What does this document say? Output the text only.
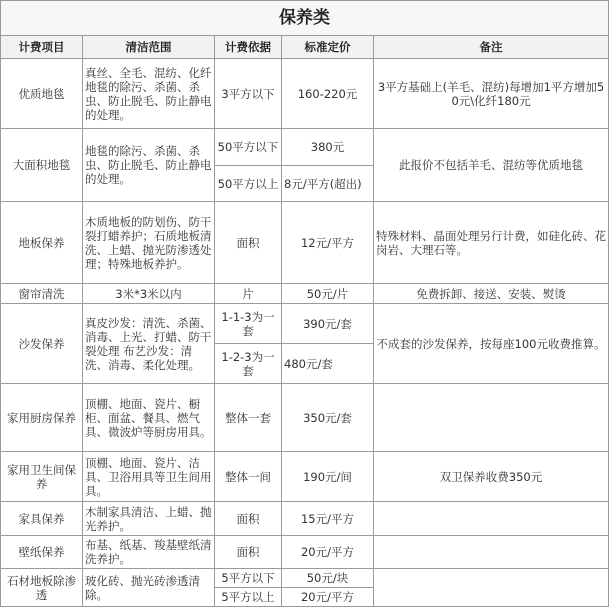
保养类				
计费项目	清洁范围	计费依据	标准定价	备注
优质地毯	真丝、全毛、混纺、化纤地毯的除污、杀菌、杀虫、防止脱毛、防止静电的处理。	3平方以下	160-220元	3平方基础上(羊毛、混纺)每增加1平方增加50元\化纤180元
大面积地毯	地毯的除污、杀菌、杀虫、防止脱毛、防止静电的处理。	50平方以下	380元	此报价不包括羊毛、混纺等优质地毯
		50平方以上	8元/平方(超出)	
地板保养	木质地板的防划伤、防干裂打蜡养护；石质地板清洗、上蜡、抛光防渗透处理；特殊地板养护。	面积	12元/平方	特殊材料、晶面处理另行计费，如硅化砖、花岗岩、大理石等。
窗帘清洗	3米*3米以内	片	50元/片	免费拆卸、接送、安装、熨烫
沙发保养	真皮沙发：清洗、杀菌、消毒、上光、打蜡、防干裂处理 布艺沙发：清洗、消毒、柔化处理。	1-1-3为一套	390元/套	不成套的沙发保养，按每座100元收费推算。
		1-2-3为一套	480元/套	
家用厨房保养	顶棚、地面、瓷片、橱柜、面盆、餐具、燃气具、微波炉等厨房用具。	整体一套	350元/套	
家用卫生间保养	顶棚、地面、瓷片、洁具、卫浴用具等卫生间用具。	整体一间	190元/间	双卫保养收费350元
家具保养	木制家具清洁、上蜡、抛光养护。	面积	15元/平方	
壁纸保养	布基、纸基、羧基壁纸清洗养护。	面积	20元/平方	
石材地板除渗透	玻化砖、抛光砖渗透清除。	5平方以下	50元/块	
		5平方以上	20元/平方	
